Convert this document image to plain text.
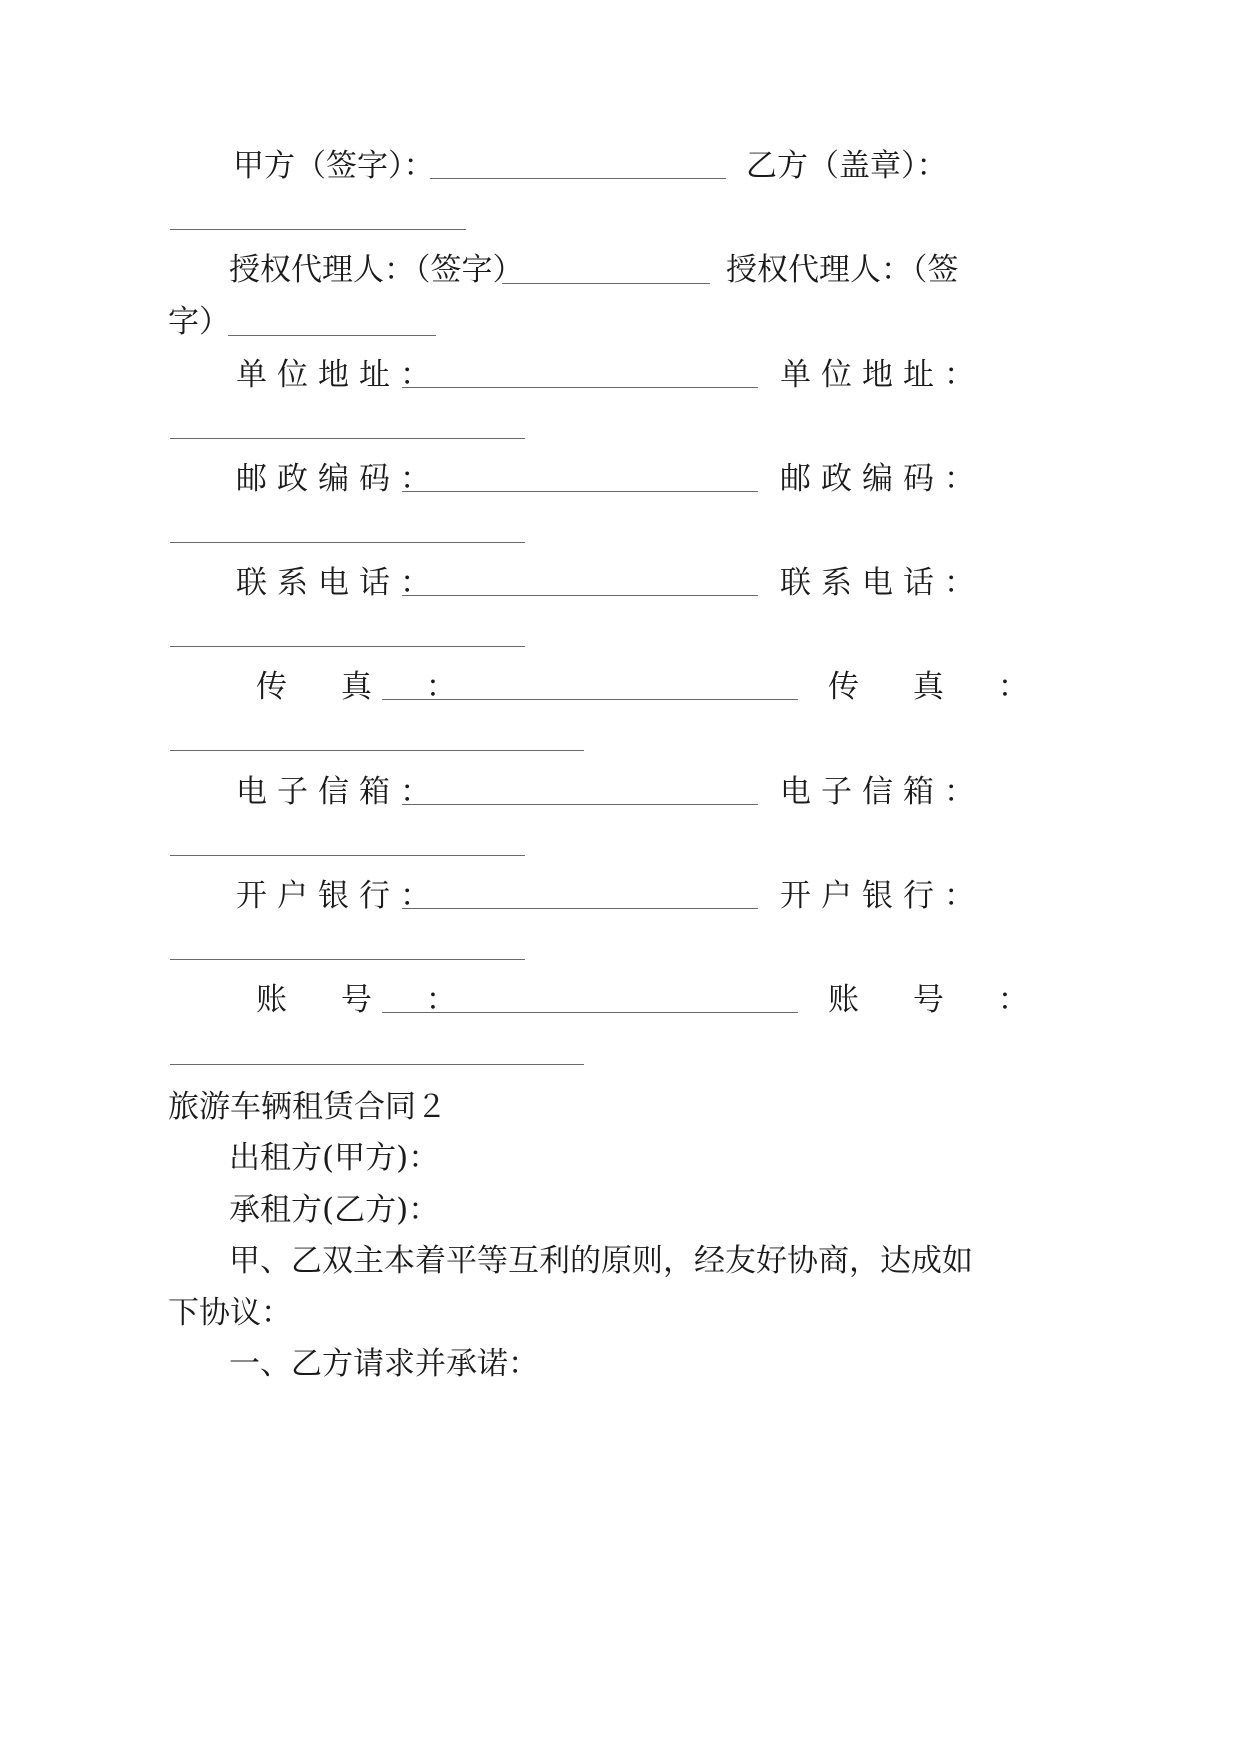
甲方（签字）：	乙方（盖章）：
授权代理人：（签字）	授权代理人：（签
字）
单位地址：	单位地址：
邮政编码：	邮政编码：
联系电话：	联系电话：
传 真 ：	传 真 ：
电子信箱：	电子信箱：
开户银行：	开户银行：
账 号 ：	账 号 ：
旅游车辆租赁合同２
出租方(甲方)：
承租方(乙方)：
甲、乙双主本着平等互利的原则，经友好协商，达成如
下协议：
一、乙方请求并承诺：
